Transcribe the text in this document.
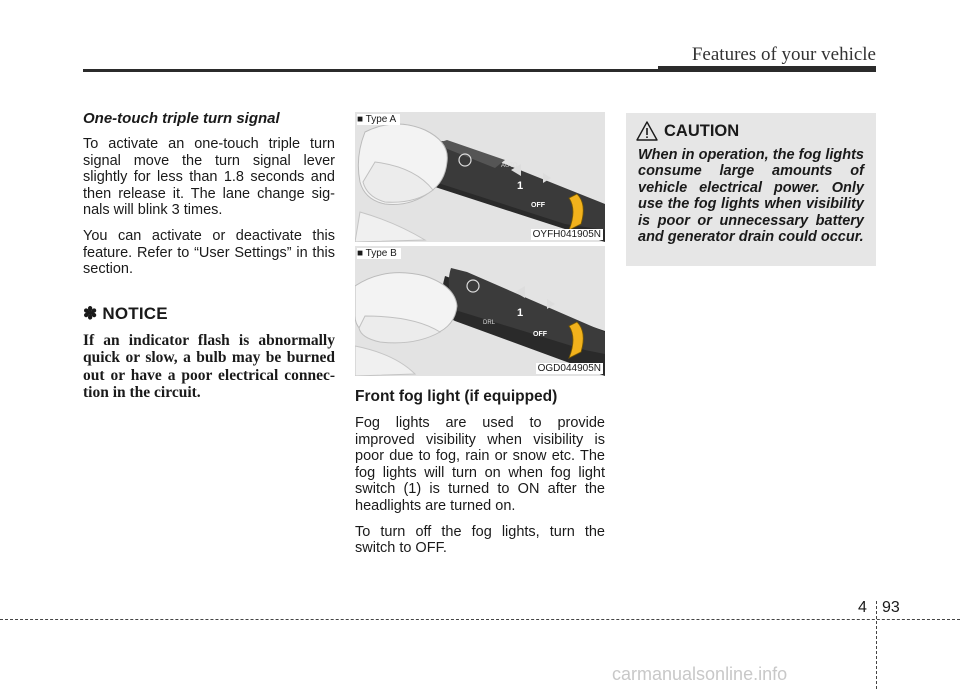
Features of your vehicle

One-touch triple turn signal

To activate an one-touch triple turn signal move the turn signal lever slightly for less than 1.8 seconds and then release it. The lane change sig- nals will blink 3 times.

You can activate or deactivate this feature. Refer to “User Settings” in this section.

✽ NOTICE

If an indicator flash is abnormally quick or slow, a bulb may be burned out or have a poor electrical connec- tion in the circuit.

■ Type A
AUTO
1
OFF
OYFH041905N
■ Type B
DRL
1
OFF
OGD044905N
Front fog light (if equipped)

Fog lights are used to provide improved visibility when visibility is poor due to fog, rain or snow etc. The fog lights will turn on when fog light switch (1) is turned to ON after the headlights are turned on.

To turn off the fog lights, turn the switch to OFF.

CAUTION

When in operation, the fog lights consume large amounts of vehicle electrical power. Only use the fog lights when visibility is poor or unnecessary battery and generator drain could occur.

4 93
carmanualsonline.info
